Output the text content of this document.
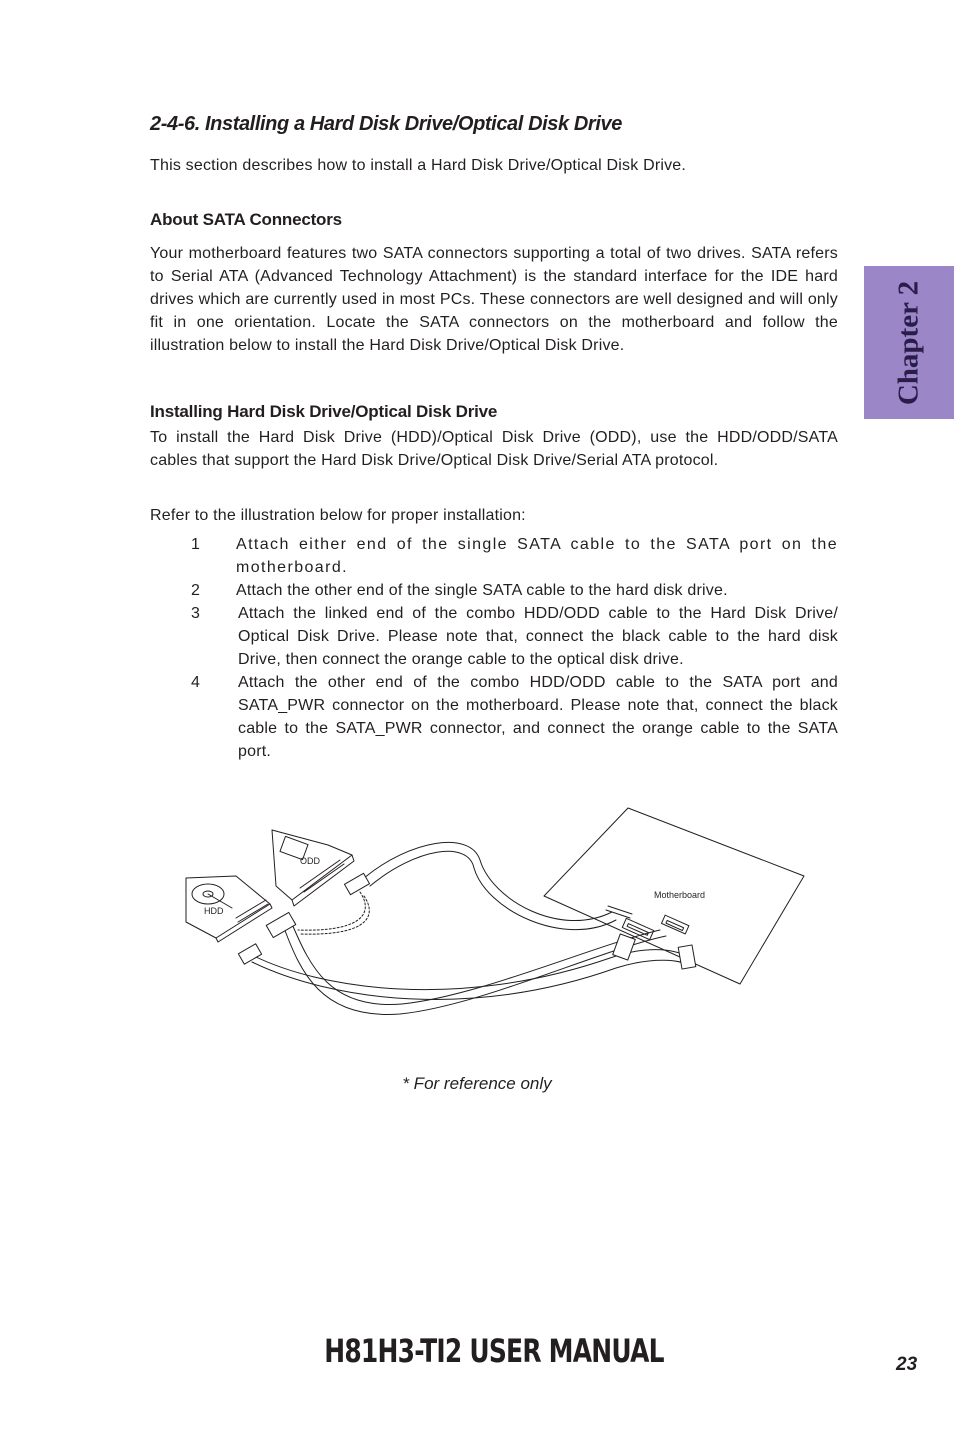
2-4-6. Installing a Hard Disk Drive/Optical Disk Drive

This section describes how to install a Hard Disk Drive/Optical Disk Drive.

About SATA Connectors

Your motherboard features two SATA connectors supporting a total of two drives. SATA refers to Serial ATA (Advanced Technology Attachment) is the standard interface for the IDE hard drives which are currently used in most PCs. These connectors are well designed and will only fit in one orientation. Locate the SATA connectors on the motherboard and follow the illustration below to install the Hard Disk Drive/Optical Disk Drive.

Installing Hard Disk Drive/Optical Disk Drive

To install the Hard Disk Drive (HDD)/Optical Disk Drive (ODD), use the HDD/ODD/SATA cables that support the Hard Disk Drive/Optical Disk Drive/Serial ATA protocol.

Refer to the illustration below for proper installation:

1 Attach either end of the single SATA cable to the SATA port on the motherboard.
2 Attach the other end of the single SATA cable to the hard disk drive.
3 Attach the linked end of the combo HDD/ODD cable to the Hard Disk Drive/ Optical Disk Drive. Please note that, connect the black cable to the hard disk Drive, then connect the orange cable to the optical disk drive.
4 Attach the other end of the combo HDD/ODD cable to the SATA port and SATA_PWR connector on the motherboard. Please note that, connect the black cable to the SATA_PWR connector, and connect the orange cable to the SATA port.
Motherboard
ODD
HDD
* For reference only
Chapter 2
H81H3-TI2 USER MANUAL	23
